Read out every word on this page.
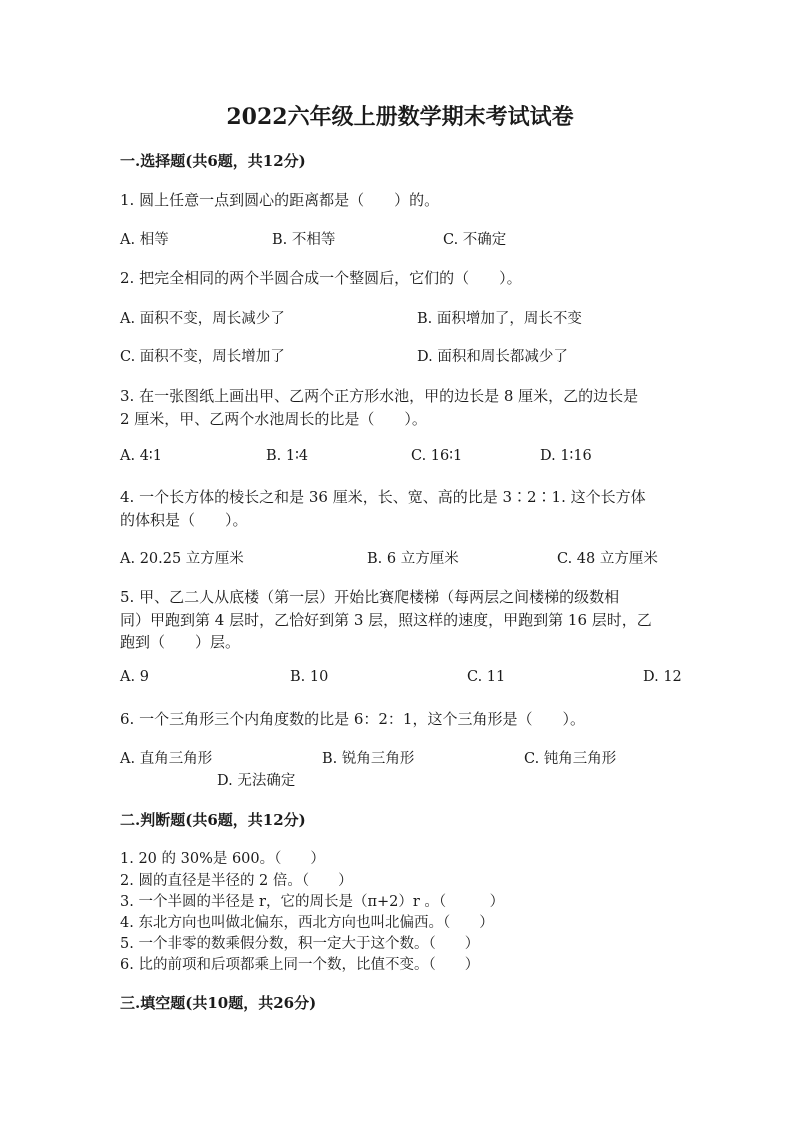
2022六年级上册数学期末考试试卷
一.选择题(共6题，共12分)
1. 圆上任意一点到圆心的距离都是（　　）的。
A. 相等	B. 不相等	C. 不确定
2. 把完全相同的两个半圆合成一个整圆后，它们的（　　）。
A. 面积不变，周长减少了	B. 面积增加了，周长不变
C. 面积不变，周长增加了	D. 面积和周长都减少了
3. 在一张图纸上画出甲、乙两个正方形水池，甲的边长是 8 厘米，乙的边长是
2 厘米，甲、乙两个水池周长的比是（　　）。
A. 4∶1	B. 1∶4	C. 16∶1	D. 1∶16
4. 一个长方体的棱长之和是 36 厘米，长、宽、高的比是 3∶2∶1. 这个长方体
的体积是（　　）。
A. 20.25 立方厘米	B. 6 立方厘米	C. 48 立方厘米
5. 甲、乙二人从底楼（第一层）开始比赛爬楼梯（每两层之间楼梯的级数相
同）甲跑到第 4 层时，乙恰好到第 3 层，照这样的速度，甲跑到第 16 层时，乙
跑到（　　）层。
A. 9	B. 10	C. 11	D. 12
6. 一个三角形三个内角度数的比是 6：2：1，这个三角形是（　　）。
A. 直角三角形	B. 锐角三角形	C. 钝角三角形
D. 无法确定
二.判断题(共6题，共12分)
1. 20 的 30%是 600。（　　）
2. 圆的直径是半径的 2 倍。（　　）
3. 一个半圆的半径是 r，它的周长是（π+2）r 。（　　　）
4. 东北方向也叫做北偏东，西北方向也叫北偏西。（　　）
5. 一个非零的数乘假分数，积一定大于这个数。（　　）
6. 比的前项和后项都乘上同一个数，比值不变。（　　）
三.填空题(共10题，共26分)
